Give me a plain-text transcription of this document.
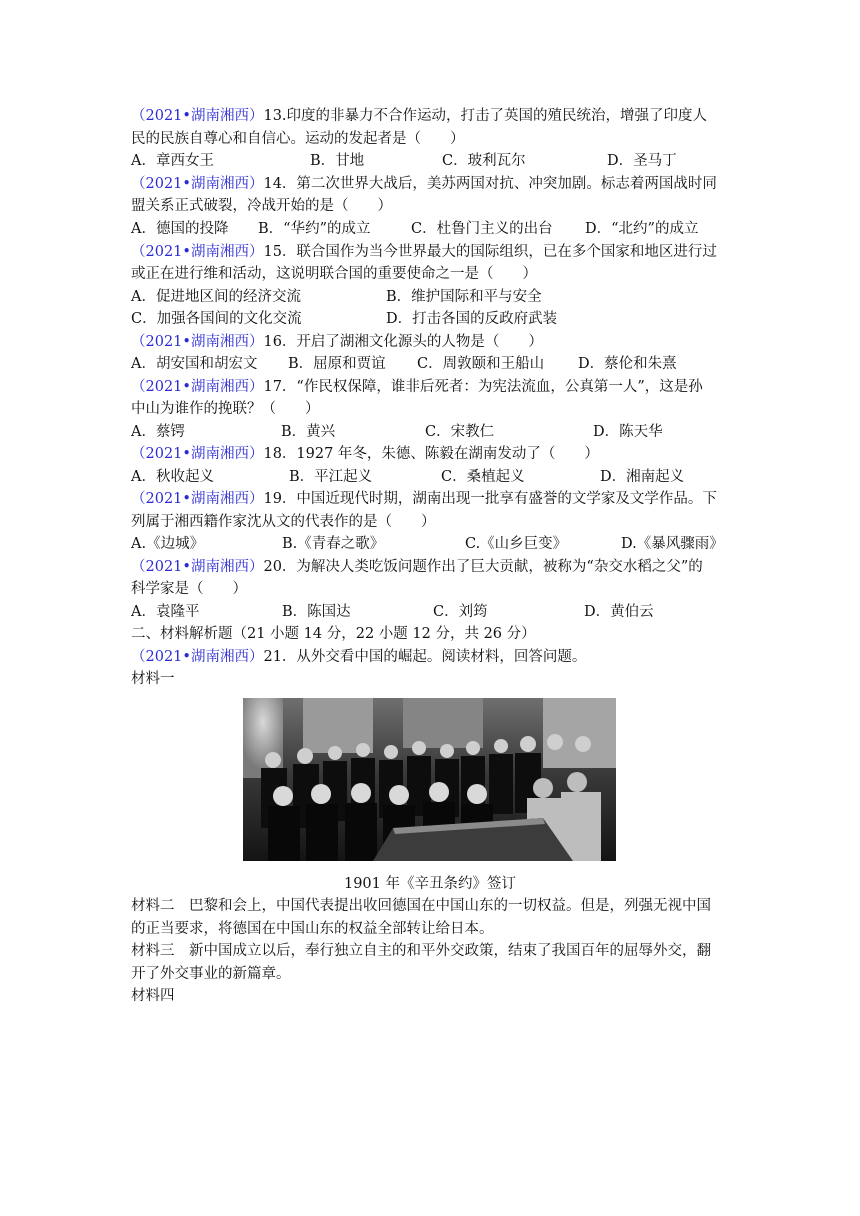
（2021•湖南湘西）13.印度的非暴力不合作运动，打击了英国的殖民统治，增强了印度人
民的民族自尊心和自信心。运动的发起者是（　　）
A．章西女王	B．甘地	C．玻利瓦尔	D．圣马丁
（2021•湖南湘西）14．第二次世界大战后，美苏两国对抗、冲突加剧。标志着两国战时同
盟关系正式破裂，冷战开始的是（　　）
A．德国的投降 B．“华约”的成立	C．杜鲁门主义的出台 D．“北约”的成立
（2021•湖南湘西）15．联合国作为当今世界最大的国际组织，已在多个国家和地区进行过
或正在进行维和活动，这说明联合国的重要使命之一是（　　）
A．促进地区间的经济交流	B．维护国际和平与安全
C．加强各国间的文化交流	D．打击各国的反政府武装
（2021•湖南湘西）16．开启了湖湘文化源头的人物是（　　）
A．胡安国和胡宏文 B．屈原和贾谊 C．周敦颐和王船山 D．蔡伦和朱熹
（2021•湖南湘西）17．“作民权保障，谁非后死者：为宪法流血，公真第一人”，这是孙
中山为谁作的挽联？（　　）
A．蔡锷	B．黄兴	C．宋教仁	D．陈天华
（2021•湖南湘西）18．1927 年冬，朱德、陈毅在湖南发动了（　　）
A．秋收起义	B．平江起义	C．桑植起义	D．湘南起义
（2021•湖南湘西）19．中国近现代时期，湖南出现一批享有盛誉的文学家及文学作品。下
列属于湘西籍作家沈从文的代表作的是（　　）
A.《边城》	B.《青春之歌》	C.《山乡巨变》	D.《暴风骤雨》
（2021•湖南湘西）20．为解决人类吃饭问题作出了巨大贡献，被称为“杂交水稻之父”的
科学家是（　　）
A．袁隆平	B．陈国达	C．刘筠	D．黄伯云
二、材料解析题（21 小题 14 分，22 小题 12 分，共 26 分）
（2021•湖南湘西）21．从外交看中国的崛起。阅读材料，回答问题。
材料一
1901 年《辛丑条约》签订
材料二　巴黎和会上，中国代表提出收回德国在中国山东的一切权益。但是，列强无视中国
的正当要求，将德国在中国山东的权益全部转让给日本。
材料三　新中国成立以后，奉行独立自主的和平外交政策，结束了我国百年的屈辱外交，翻
开了外交事业的新篇章。
材料四
